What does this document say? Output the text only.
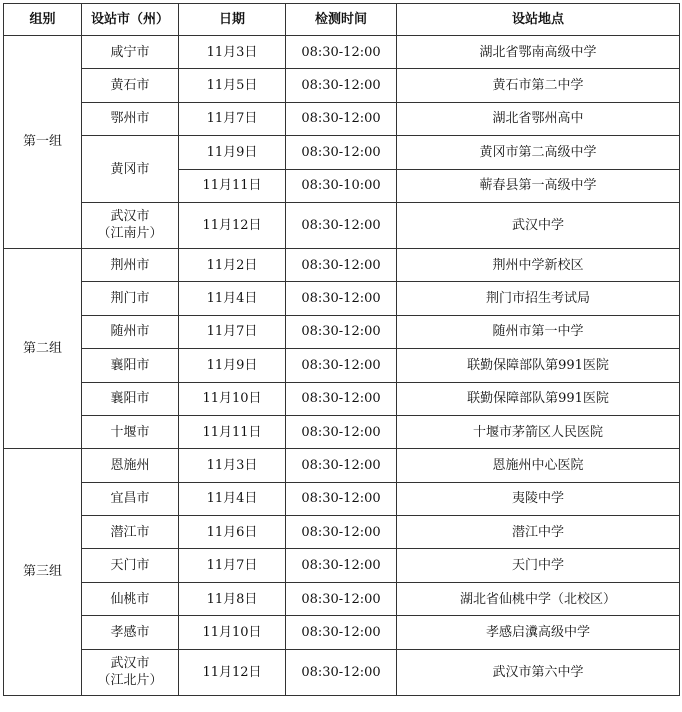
组别	设站市（州）	日期	检测时间	设站地点
第一组	咸宁市	11月3日	08:30-12:00	湖北省鄂南高级中学

	黄石市	11月5日	08:30-12:00	黄石市第二中学

	鄂州市	11月7日	08:30-12:00	湖北省鄂州高中

	黄冈市	11月9日	08:30-12:00	黄冈市第二高级中学
		11月11日	08:30-10:00	蕲春县第一高级中学

	武汉市
（江南片）	11月12日	08:30-12:00	武汉中学
第二组	荆州市	11月2日	08:30-12:00	荆州中学新校区

	荆门市	11月4日	08:30-12:00	荆门市招生考试局

	随州市	11月7日	08:30-12:00	随州市第一中学

	襄阳市	11月9日	08:30-12:00	联勤保障部队第991医院

	襄阳市	11月10日	08:30-12:00	联勤保障部队第991医院

	十堰市	11月11日	08:30-12:00	十堰市茅箭区人民医院
第三组	恩施州	11月3日	08:30-12:00	恩施州中心医院

	宜昌市	11月4日	08:30-12:00	夷陵中学

	潜江市	11月6日	08:30-12:00	潜江中学

	天门市	11月7日	08:30-12:00	天门中学

	仙桃市	11月8日	08:30-12:00	湖北省仙桃中学（北校区）

	孝感市	11月10日	08:30-12:00	孝感启瀵高级中学

	武汉市
（江北片）	11月12日	08:30-12:00	武汉市第六中学
